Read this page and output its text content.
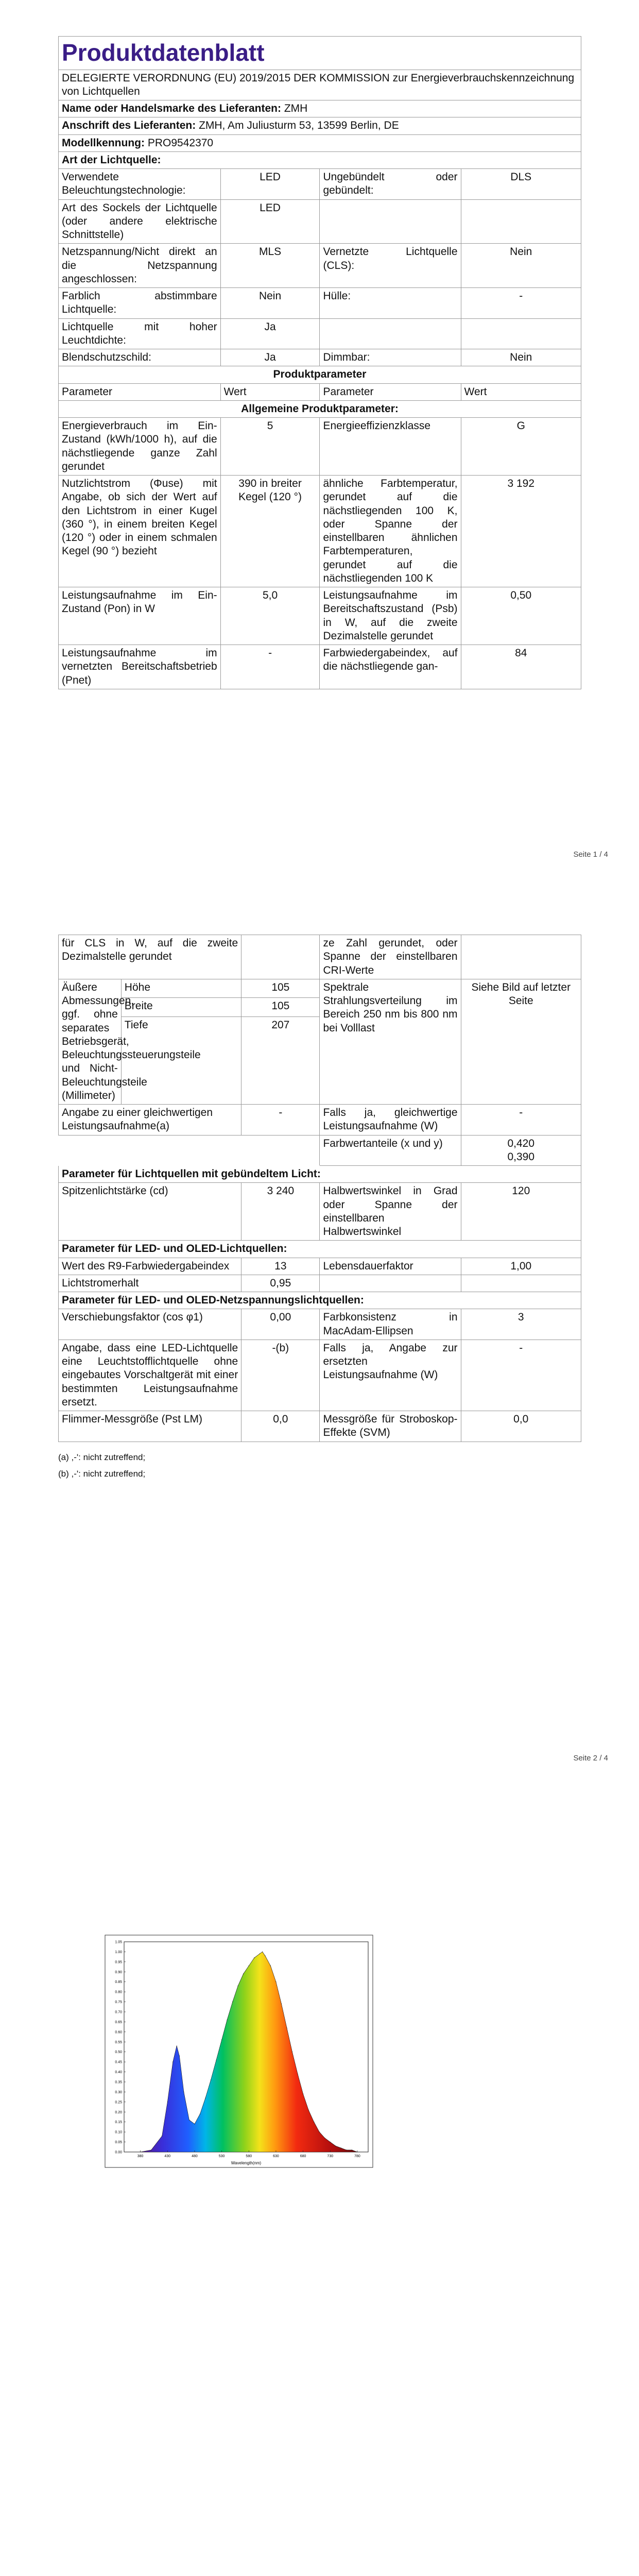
Produktdatenblatt
DELEGIERTE VERORDNUNG (EU) 2019/2015 DER KOMMISSION zur Energieverbrauchskennzeichnung von Lichtquellen
Name oder Handelsmarke des Lieferanten: ZMH
Anschrift des Lieferanten: ZMH, Am Juliusturm 53, 13599 Berlin, DE
Modellkennung: PRO9542370
Art der Lichtquelle:
Verwendete Beleuchtungstechnologie:	LED	Ungebündelt oder gebündelt:	DLS
Art des Sockels der Lichtquelle (oder andere elektrische Schnittstelle)	LED		
Netzspannung/Nicht direkt an die Netzspannung angeschlossen:	MLS	Vernetzte Lichtquelle (CLS):	Nein
Farblich abstimmbare Lichtquelle:	Nein	Hülle:	-
Lichtquelle mit hoher Leuchtdichte:	Ja		
Blendschutzschild:	Ja	Dimmbar:	Nein
Produktparameter			
Parameter	Wert	Parameter	Wert
Allgemeine Produktparameter:			
Energieverbrauch im Ein-Zustand (kWh/1000 h), auf die nächstliegende ganze Zahl gerundet	5	Energieeffizienzklasse	G
Nutzlichtstrom (Φuse) mit Angabe, ob sich der Wert auf den Lichtstrom in einer Kugel (360 °), in einem breiten Kegel (120 °) oder in einem schmalen Kegel (90 °) bezieht	390 in breiter Kegel (120 °)	ähnliche Farbtemperatur, gerundet auf die nächstliegenden 100 K, oder Spanne der einstellbaren ähnlichen Farbtemperaturen, gerundet auf die nächstliegenden 100 K	3 192
Leistungsaufnahme im Ein-Zustand (Pon) in W	5,0	Leistungsaufnahme im Bereitschaftszustand (Psb) in W, auf die zweite Dezimalstelle gerundet	0,50
Leistungsaufnahme im vernetzten Bereitschaftsbetrieb (Pnet)	-	Farbwiedergabeindex, auf die nächstliegende gan-	84
Seite 1 / 4
für CLS in W, auf die zweite Dezimalstelle gerundet			ze Zahl gerundet, oder Spanne der einstellbaren CRI-Werte	
Äußere Abmessungen, ggf. ohne separates Betriebsgerät, Beleuchtungssteuerungsteile und Nicht-Beleuchtungsteile (Millimeter)	Höhe	105	Spektrale Strahlungsverteilung im Bereich 250 nm bis 800 nm bei Volllast	Siehe Bild auf letzter Seite
	Breite	105		
	Tiefe	207		
Angabe zu einer gleichwertigen Leistungsaufnahme(a)		-	Falls ja, gleichwertige Leistungsaufnahme (W)	-
			Farbwertanteile (x und y)	0,420
0,390
Parameter für Lichtquellen mit gebündeltem Licht:				
Spitzenlichtstärke (cd)		3 240	Halbwertswinkel in Grad oder Spanne der einstellbaren Halbwertswinkel	120
Parameter für LED- und OLED-Lichtquellen:				
Wert des R9-Farbwiedergabeindex		13	Lebensdauerfaktor	1,00
Lichtstromerhalt		0,95		
Parameter für LED- und OLED-Netzspannungslichtquellen:				
Verschiebungsfaktor (cos φ1)		0,00	Farbkonsistenz in MacAdam-Ellipsen	3
Angabe, dass eine LED-Lichtquelle eine Leuchtstofflichtquelle ohne eingebautes Vorschaltgerät mit einer bestimmten Leistungsaufnahme ersetzt.		-(b)	Falls ja, Angabe zur ersetzten Leistungsaufnahme (W)	-
Flimmer-Messgröße (Pst LM)		0,0	Messgröße für Stroboskop-Effekte (SVM)	0,0
(a) ,-': nicht zutreffend;
(b) ,-': nicht zutreffend;
Seite 2 / 4
0.00
0.05
0.10
0.15
0.20
0.25
0.30
0.35
0.40
0.45
0.50
0.55
0.60
0.65
0.70
0.75
0.80
0.85
0.90
0.95
1.00
1.05
380	430	480	530	580	630	680	730	780
Wavelength(nm)
